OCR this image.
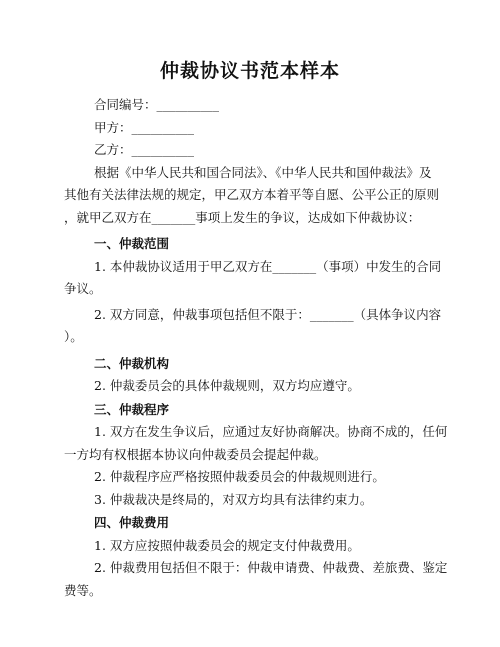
仲裁协议书范本样本
合同编号：__________
甲方：__________
乙方：__________
根据《中华人民共和国合同法》、《中华人民共和国仲裁法》及
其他有关法律法规的规定，甲乙双方本着平等自愿、公平公正的原则
，就甲乙双方在_______事项上发生的争议，达成如下仲裁协议：
一、仲裁范围
1. 本仲裁协议适用于甲乙双方在_______（事项）中发生的合同
争议。
2. 双方同意，仲裁事项包括但不限于：_______（具体争议内容
）。
二、仲裁机构
2. 仲裁委员会的具体仲裁规则，双方均应遵守。
三、仲裁程序
1. 双方在发生争议后，应通过友好协商解决。协商不成的，任何
一方均有权根据本协议向仲裁委员会提起仲裁。
2. 仲裁程序应严格按照仲裁委员会的仲裁规则进行。
3. 仲裁裁决是终局的，对双方均具有法律约束力。
四、仲裁费用
1. 双方应按照仲裁委员会的规定支付仲裁费用。
2. 仲裁费用包括但不限于：仲裁申请费、仲裁费、差旅费、鉴定
费等。
